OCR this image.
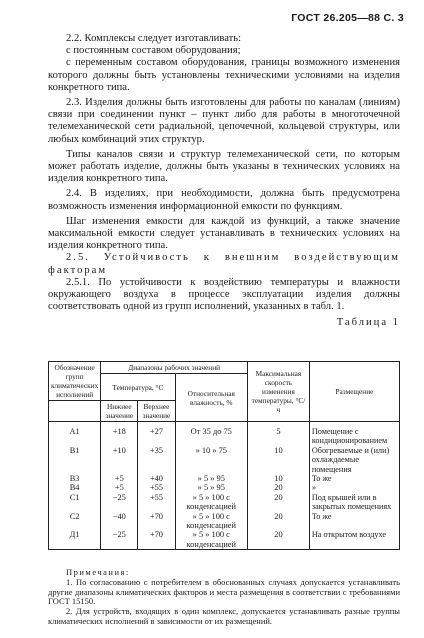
ГОСТ 26.205—88 С. 3

2.2. Комплексы следует изготавливать:

с постоянным составом оборудования;

с переменным составом оборудования, границы возможного изменения которого должны быть установлены техническими условиями на изделия конкретного типа.

2.3. Изделия должны быть изготовлены для работы по каналам (линиям) связи при соединении пункт – пункт либо для работы в многоточечной телемеханической сети радиальной, цепочечной, кольцевой структуры, или любых комбинаций этих структур.

Типы каналов связи и структур телемеханической сети, по которым может работать изделие, должны быть указаны в технических условиях на изделия конкретного типа.

2.4. В изделиях, при необходимости, должна быть предусмотрена возможность изменения информационной емкости по функциям.

Шаг изменения емкости для каждой из функций, а также значение максимальной емкости следует устанавливать в технических условиях на изделия конкретного типа.

2.5. Устойчивость к внешним воздействующим факторам

2.5.1. По устойчивости к воздействию температуры и влажности окружающего воздуха в процессе эксплуатации изделия должны соответствовать одной из групп исполнений, указанных в табл. 1.

Таблица 1

Обозначение групп климатических исполнений	Диапазоны рабочих значений			Максимальная скорость изменения температуры, °С/ч	Размещение
	Температура, °С		Относительная влажность, %		
	Нижнее значение	Верхнее значение			
А1	+18	+27	От 35 до 75	5	Помещение с кондиционированием
В1	+10	+35	» 10 » 75	10	Обогреваемые и (или) охлаждаемые помещения
В3	+5	+40	» 5 » 95	10	То же
В4	+5	+55	» 5 » 95	20	»
С1	−25	+55	» 5 » 100 с конденсацией	20	Под крышей или в закрытых помещениях
С2	−40	+70	» 5 » 100 с конденсацией	20	То же
Д1	−25	+70	» 5 » 100 с конденсацией	20	На открытом воздухе

Примечания:

1. По согласованию с потребителем в обоснованных случаях допускается устанавливать другие диапазоны климатических факторов и места размещения в соответствии с требованиями ГОСТ 15150.

2. Для устройств, входящих в один комплекс, допускается устанавливать разные группы климатических исполнений в зависимости от их размещений.
